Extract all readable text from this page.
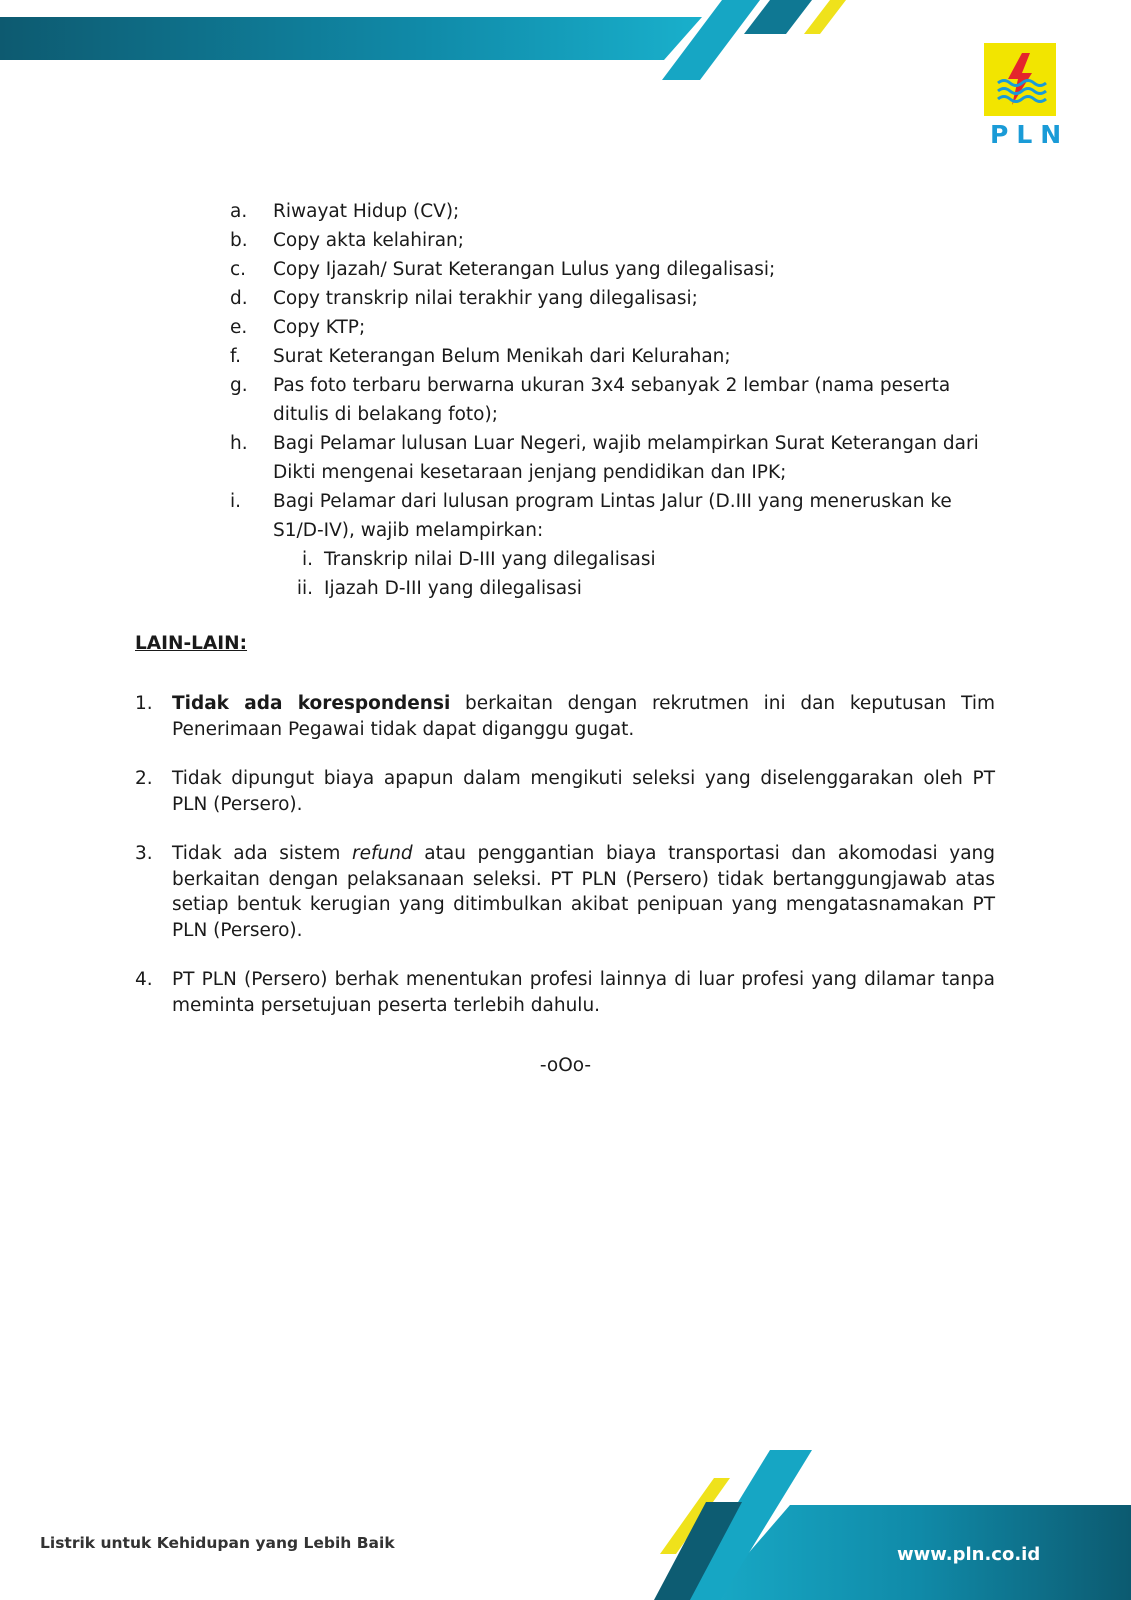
PLN
a. Riwayat Hidup (CV);
b. Copy akta kelahiran;
c. Copy Ijazah/ Surat Keterangan Lulus yang dilegalisasi;
d. Copy transkrip nilai terakhir yang dilegalisasi;
e. Copy KTP;
f. Surat Keterangan Belum Menikah dari Kelurahan;
g. Pas foto terbaru berwarna ukuran 3x4 sebanyak 2 lembar (nama peserta ditulis di belakang foto);
h. Bagi Pelamar lulusan Luar Negeri, wajib melampirkan Surat Keterangan dari Dikti mengenai kesetaraan jenjang pendidikan dan IPK;
i. Bagi Pelamar dari lulusan program Lintas Jalur (D.III yang meneruskan ke S1/D-IV), wajib melampirkan:
i. Transkrip nilai D-III yang dilegalisasi
ii. Ijazah D-III yang dilegalisasi
LAIN-LAIN:
1. Tidak ada korespondensi berkaitan dengan rekrutmen ini dan keputusan Tim Penerimaan Pegawai tidak dapat diganggu gugat.
2. Tidak dipungut biaya apapun dalam mengikuti seleksi yang diselenggarakan oleh PT PLN (Persero).
3. Tidak ada sistem refund atau penggantian biaya transportasi dan akomodasi yang berkaitan dengan pelaksanaan seleksi. PT PLN (Persero) tidak bertanggungjawab atas setiap bentuk kerugian yang ditimbulkan akibat penipuan yang mengatasnamakan PT PLN (Persero).
4. PT PLN (Persero) berhak menentukan profesi lainnya di luar profesi yang dilamar tanpa meminta persetujuan peserta terlebih dahulu.
-oOo-
Listrik untuk Kehidupan yang Lebih Baik
www.pln.co.id
